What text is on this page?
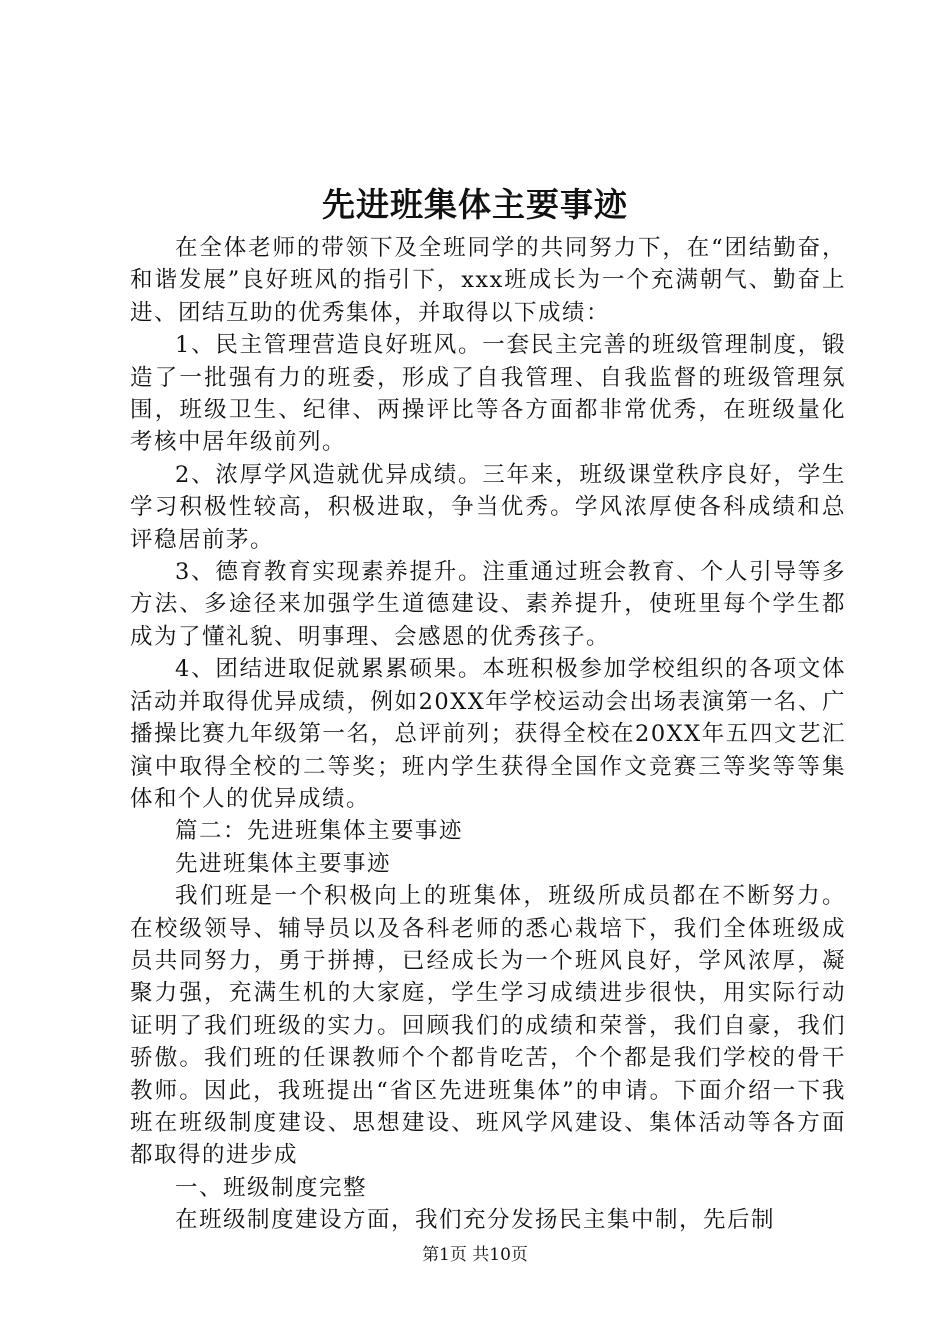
先进班集体主要事迹

在全体老师的带领下及全班同学的共同努力下，在“团结勤奋，和谐发展”良好班风的指引下，xxx班成长为一个充满朝气、勤奋上进、团结互助的优秀集体，并取得以下成绩：

1、民主管理营造良好班风。一套民主完善的班级管理制度，锻造了一批强有力的班委，形成了自我管理、自我监督的班级管理氛围，班级卫生、纪律、两操评比等各方面都非常优秀，在班级量化考核中居年级前列。

2、浓厚学风造就优异成绩。三年来，班级课堂秩序良好，学生学习积极性较高，积极进取，争当优秀。学风浓厚使各科成绩和总评稳居前茅。

3、德育教育实现素养提升。注重通过班会教育、个人引导等多方法、多途径来加强学生道德建设、素养提升，使班里每个学生都成为了懂礼貌、明事理、会感恩的优秀孩子。

4、团结进取促就累累硕果。本班积极参加学校组织的各项文体活动并取得优异成绩，例如20XX年学校运动会出场表演第一名、广播操比赛九年级第一名，总评前列；获得全校在20XX年五四文艺汇演中取得全校的二等奖；班内学生获得全国作文竞赛三等奖等等集体和个人的优异成绩。

篇二：先进班集体主要事迹

先进班集体主要事迹

我们班是一个积极向上的班集体，班级所成员都在不断努力。在校级领导、辅导员以及各科老师的悉心栽培下，我们全体班级成员共同努力，勇于拼搏，已经成长为一个班风良好，学风浓厚，凝聚力强，充满生机的大家庭，学生学习成绩进步很快，用实际行动证明了我们班级的实力。回顾我们的成绩和荣誉，我们自豪，我们骄傲。我们班的任课教师个个都肯吃苦，个个都是我们学校的骨干教师。因此，我班提出“省区先进班集体”的申请。下面介绍一下我班在班级制度建设、思想建设、班风学风建设、集体活动等各方面都取得的进步成

一、班级制度完整

在班级制度建设方面，我们充分发扬民主集中制，先后制

第1页 共10页
